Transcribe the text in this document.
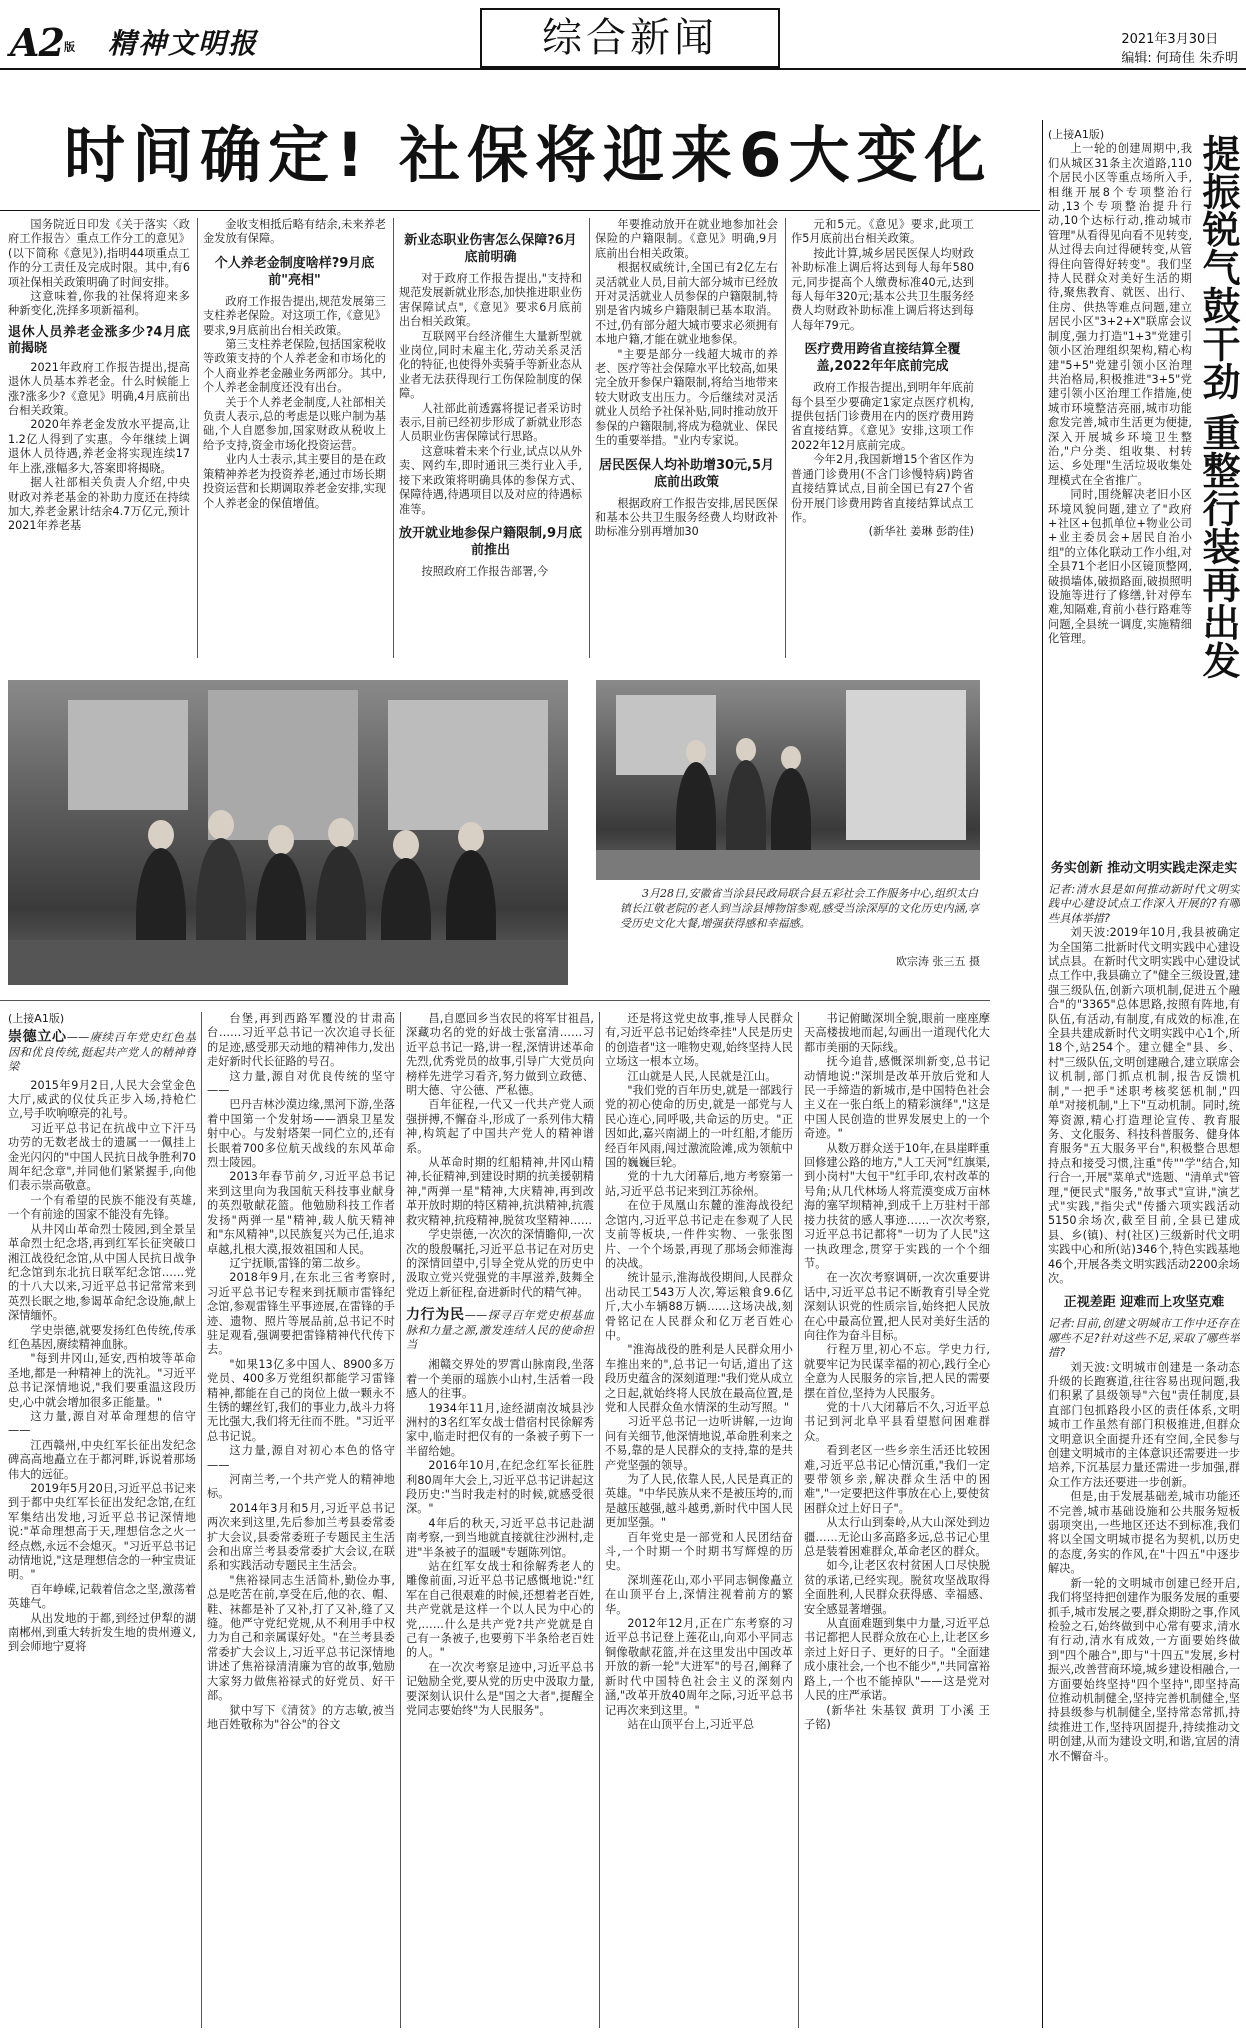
A2版 精神文明报	综合新闻	2021年3月30日
编辑: 何琦佳 朱乔明
时间确定! 社保将迎来6大变化

国务院近日印发《关于落实〈政府工作报告〉重点工作分工的意见》(以下简称《意见》),指明44项重点工作的分工责任及完成时限。其中,有6项社保相关政策明确了时间安排。

这意味着,你我的社保将迎来多种新变化,洗择多项新福利。

退休人员养老金涨多少?4月底前揭晓

2021年政府工作报告提出,提高退休人员基本养老金。什么时候能上涨?涨多少?《意见》明确,4月底前出台相关政策。

2020年养老金发放水平提高,让1.2亿人得到了实惠。今年继续上调退休人员待遇,养老金将实现连续17年上涨,涨幅多大,答案即将揭晓。

据人社部相关负责人介绍,中央财政对养老基金的补助力度还在持续加大,养老金累计结余4.7万亿元,预计2021年养老基

金收支相抵后略有结余,未来养老金发放有保障。

个人养老金制度啥样?9月底前"亮相"

政府工作报告提出,规范发展第三支柱养老保险。对这项工作,《意见》要求,9月底前出台相关政策。

第三支柱养老保险,包括国家税收等政策支持的个人养老金和市场化的个人商业养老金融业务两部分。其中,个人养老金制度还没有出台。

关于个人养老金制度,人社部相关负责人表示,总的考虑是以账户制为基础,个人自愿参加,国家财政从税收上给予支持,资金市场化投资运营。

业内人士表示,其主要目的是在政策精神养老为投资养老,通过市场长期投资运营和长期调取养老金安排,实现个人养老金的保值增值。

新业态职业伤害怎么保障?6月底前明确

对于政府工作报告提出,"支持和规范发展新就业形态,加快推进职业伤害保障试点",《意见》要求6月底前出台相关政策。

互联网平台经济催生大量新型就业岗位,同时未雇主化,劳动关系灵活化的特征,也使得外卖骑手等新业态从业者无法获得现行工伤保险制度的保障。

人社部此前透露将提记者采访时表示,目前已经初步形成了新就业形态人员职业伤害保障试行思路。

这意味着未来个行业,试点以从外卖、网约车,即时通讯三类行业入手,接下来政策将明确具体的参保方式、保障待遇,待遇项目以及对应的待遇标准等。

放开就业地参保户籍限制,9月底前推出

按照政府工作报告部署,今

年要推动放开在就业地参加社会保险的户籍限制。《意见》明确,9月底前出台相关政策。

根据权威统计,全国已有2亿左右灵活就业人员,目前大部分城市已经放开对灵活就业人员参保的户籍限制,特别是省内城乡户籍限制已基本取消。不过,仍有部分超大城市要求必须拥有本地户籍,才能在就业地参保。

"主要是部分一线超大城市的养老、医疗等社会保障水平比较高,如果完全放开参保户籍限制,将给当地带来较大财政支出压力。今后继续对灵活就业人员给予社保补贴,同时推动放开参保的户籍限制,将成为稳就业、保民生的重要举措。"业内专家说。

居民医保人均补助增30元,5月底前出政策

根据政府工作报告安排,居民医保和基本公共卫生服务经费人均财政补助标准分别再增加30

元和5元。《意见》要求,此项工作5月底前出台相关政策。

按此计算,城乡居民医保人均财政补助标准上调后将达到每人每年580元,同步提高个人缴费标准40元,达到每人每年320元;基本公共卫生服务经费人均财政补助标准上调后将达到每人每年79元。

医疗费用跨省直接结算全覆盖,2022年年底前完成

政府工作报告提出,到明年年底前每个县至少要确定1家定点医疗机构,提供包括门诊费用在内的医疗费用跨省直接结算。《意见》安排,这项工作2022年12月底前完成。

今年2月,我国新增15个省区作为普通门诊费用(不含门诊慢特病)跨省直接结算试点,目前全国已有27个省份开展门诊费用跨省直接结算试点工作。

(新华社 姜琳 彭韵佳)

3月28日,安徽省当涂县民政局联合县五彩社会工作服务中心,组织太白镇长江敬老院的老人到当涂县博物馆参观,感受当涂深厚的文化历史内涵,享受历史文化大餐,增强获得感和幸福感。
欧宗涛 张三五 摄

(上接A1版)

崇德立心——赓续百年党史红色基因和优良传统,挺起共产党人的精神脊梁

2015年9月2日,人民大会堂金色大厅,威武的仪仗兵正步入场,持枪伫立,号手吹响嘹亮的礼号。

习近平总书记在抗战中立下汗马功劳的无数老战士的遗属一一佩挂上金光闪闪的"中国人民抗日战争胜利70周年纪念章",并同他们紧紧握手,向他们表示崇高敬意。

一个有希望的民族不能没有英雄,一个有前途的国家不能没有先锋。

从井冈山革命烈士陵园,到全景呈革命烈士纪念塔,再到红军长征突破口湘江战役纪念馆,从中国人民抗日战争纪念馆到东北抗日联军纪念馆……党的十八大以来,习近平总书记常常来到英烈长眠之地,参谒革命纪念设施,献上深情缅怀。

学史崇德,就要发扬红色传统,传承红色基因,赓续精神血脉。

"每到井冈山,延安,西柏坡等革命圣地,都是一种精神上的洗礼。"习近平总书记深情地说,"我们要重温这段历史,心中就会增加很多正能量。"

这力量,源自对革命理想的信守——

江西赣州,中央红军长征出发纪念碑高高地矗立在于都河畔,诉说着那场伟大的远征。

2019年5月20日,习近平总书记来到于都中央红军长征出发纪念馆,在红军集结出发地,习近平总书记深情地说:"革命理想高于天,理想信念之火一经点燃,永远不会熄灭。"习近平总书记动情地说,"这是理想信念的一种宝贵证明。"

百年峥嵘,记载着信念之坚,激荡着英雄气。

从出发地的于都,到经过伊犁的湖南郴州,到重大转折发生地的贵州遵义,到会师地宁夏将

台堡,再到西路军覆没的甘肃高台……习近平总书记一次次追寻长征的足迹,感受那天动地的精神伟力,发出走好新时代长征路的号召。

这力量,源自对优良传统的坚守——

巴丹吉林沙漠边缘,黑河下游,坐落着中国第一个发射场——酒泉卫星发射中心。与发射塔架一同伫立的,还有长眠着700多位航天战线的东风革命烈士陵园。

2013年春节前夕,习近平总书记来到这里向为我国航天科技事业献身的英烈敬献花篮。他勉励科技工作者发扬"两弹一星"精神,载人航天精神和"东风精神",以民族复兴为己任,追求卓越,扎根大漠,报效祖国和人民。

辽宁抚顺,雷锋的第二故乡。

2018年9月,在东北三省考察时,习近平总书记专程来到抚顺市雷锋纪念馆,参观雷锋生平事迹展,在雷锋的手迹、遗物、照片等展品前,总书记不时驻足观看,强调要把雷锋精神代代传下去。

"如果13亿多中国人、8900多万党员、400多万党组织都能学习雷锋精神,都能在自己的岗位上做一颗永不生锈的螺丝钉,我们的事业力,战斗力将无比强大,我们将无往而不胜。"习近平总书记说。

这力量,源自对初心本色的恪守——

河南兰考,一个共产党人的精神地标。

2014年3月和5月,习近平总书记两次来到这里,先后参加兰考县委常委扩大会议,县委常委班子专题民主生活会和出席兰考县委常委扩大会议,在联系和实践活动专题民主生活会。

"焦裕禄同志生活简朴,勤俭办事,总是吃苦在前,享受在后,他的衣、帽、鞋、袜都是补了又补,打了又补,缝了又缝。他严守党纪党规,从不利用手中权力为自己和亲属谋好处。"在兰考县委常委扩大会议上,习近平总书记深情地讲述了焦裕禄清清廉为官的故事,勉励大家努力做焦裕禄式的好党员、好干部。

狱中写下《清贫》的方志敏,被当地百姓敬称为"谷公"的谷文

昌,自愿回乡当农民的将军甘祖昌,深藏功名的党的好战士张富清……习近平总书记一路,讲一程,深情讲述革命先烈,优秀党员的故事,引导广大党员向榜样先进学习看齐,努力做到立政德、明大德、守公德、严私德。

百年征程,一代又一代共产党人顽强拼搏,不懈奋斗,形成了一系列伟大精神,构筑起了中国共产党人的精神谱系。

从革命时期的红船精神,井冈山精神,长征精神,到建设时期的抗美援朝精神,"两弹一星"精神,大庆精神,再到改革开放时期的特区精神,抗洪精神,抗震救灾精神,抗疫精神,脱贫攻坚精神……

学史崇德,一次次的深情瞻仰,一次次的殷殷嘱托,习近平总书记在对历史的深情回望中,引导全党从党的历史中汲取立党兴党强党的丰厚滋养,鼓舞全党迈上新征程,奋进新时代的精气神。

力行为民——探寻百年党史根基血脉和力量之源,激发连结人民的使命担当

湘赣交界处的罗霄山脉南段,坐落着一个美丽的瑶族小山村,生活着一段感人的往事。

1934年11月,途经湖南汝城县沙洲村的3名红军女战士借宿村民徐解秀家中,临走时把仅有的一条被子剪下一半留给她。

2016年10月,在纪念红军长征胜利80周年大会上,习近平总书记讲起这段历史:"当时我走村的时候,就感受很深。"

4年后的秋天,习近平总书记赴湖南考察,一到当地就直接就往沙洲村,走进"半条被子的温暖"专题陈列馆。

站在红军女战士和徐解秀老人的雕像前面,习近平总书记感慨地说:"红军在自己很艰难的时候,还想着老百姓,共产党就是这样一个以人民为中心的党,……什么是共产党?共产党就是自己有一条被子,也要剪下半条给老百姓的人。"

在一次次考察足迹中,习近平总书记勉励全党,要从党的历史中汲取力量,要深刻认识什么是"国之大者",提醒全党同志要始终"为人民服务"。

还是将这党史故事,推导人民群众有,习近平总书记始终牵挂"人民是历史的创造者"这一唯物史观,始终坚持人民立场这一根本立场。

江山就是人民,人民就是江山。

"我们党的百年历史,就是一部践行党的初心使命的历史,就是一部党与人民心连心,同呼吸,共命运的历史。"正因如此,嘉兴南湖上的一叶红船,才能历经百年风雨,闯过激流险滩,成为领航中国的巍巍巨轮。

党的十九大闭幕后,地方考察第一站,习近平总书记来到江苏徐州。

在位于凤凰山东麓的淮海战役纪念馆内,习近平总书记走在参观了人民支前等板块,一件件实物、一张张图片、一个个场景,再现了那场会师淮海的决战。

统计显示,淮海战役期间,人民群众出动民工543万人次,筹运粮食9.6亿斤,大小车辆88万辆……这场决战,刻骨铭记在人民群众和亿万老百姓心中。

"淮海战役的胜利是人民群众用小车推出来的",总书记一句话,道出了这段历史蕴含的深刻道理:"我们党从成立之日起,就始终将人民放在最高位置,是党和人民群众鱼水情深的生动写照。"

习近平总书记一边听讲解,一边询问有关细节,他深情地说,革命胜利来之不易,靠的是人民群众的支持,靠的是共产党坚强的领导。

为了人民,依靠人民,人民是真正的英雄。"中华民族从来不是被压垮的,而是越压越强,越斗越勇,新时代中国人民更加坚强。"

百年党史是一部党和人民团结奋斗,一个时期一个时期书写辉煌的历史。

深圳莲花山,邓小平同志铜像矗立在山顶平台上,深情注视着前方的繁华。

2012年12月,正在广东考察的习近平总书记登上莲花山,向邓小平同志铜像敬献花篮,并在这里发出中国改革开放的新一轮"大进军"的号召,阐释了新时代中国特色社会主义的深刻内涵,"改革开放40周年之际,习近平总书记再次来到这里。"

站在山顶平台上,习近平总

书记俯瞰深圳全貌,眼前一座座摩天高楼拔地而起,勾画出一道现代化大都市美丽的天际线。

抚今追昔,感慨深圳新变,总书记动情地说:"深圳是改革开放后党和人民一手缔造的新城市,是中国特色社会主义在一张白纸上的精彩演绎","这是中国人民创造的世界发展史上的一个奇迹。"

从数万群众送于10年,在县崖畔重回修建公路的地方,"人工天河"红旗渠,到小岗村"大包干"红手印,农村改革的号角;从几代林场人将荒漠变成万亩林海的塞罕坝精神,到成千上万驻村干部接力扶贫的感人事迹……一次次考察,习近平总书记都将"一切为了人民"这一执政理念,贯穿于实践的一个个细节。

在一次次考察调研,一次次重要讲话中,习近平总书记不断教育引导全党深刻认识党的性质宗旨,始终把人民放在心中最高位置,把人民对美好生活的向往作为奋斗目标。

行程万里,初心不忘。学史力行,就要牢记为民谋幸福的初心,践行全心全意为人民服务的宗旨,把人民的需要摆在首位,坚持为人民服务。

党的十八大闭幕后不久,习近平总书记到河北阜平县看望慰问困难群众。

看到老区一些乡亲生活还比较困难,习近平总书记心情沉重,"我们一定要带领乡亲,解决群众生活中的困难","一定要把这件事放在心上,要使贫困群众过上好日子"。

从太行山到秦岭,从大山深处到边疆……无论山多高路多远,总书记心里总是装着困难群众,革命老区的群众。

如今,让老区农村贫困人口尽快脱贫的承诺,已经实现。脱贫攻坚战取得全面胜利,人民群众获得感、幸福感、安全感显著增强。

从直面难题到集中力量,习近平总书记都把人民群众放在心上,让老区乡亲过上好日子、更好的日子。"全面建成小康社会,一个也不能少","共同富裕路上,一个也不能掉队"——这是党对人民的庄严承诺。

(新华社 朱基钗 黄玥 丁小溪 王子铭)

提振锐气鼓干劲 重整行装再出发

(上接A1版)

上一轮的创建周期中,我们从城区31条主次道路,110个居民小区等重点场所入手,相继开展8个专项整治行动,13个专项整治提升行动,10个达标行动,推动城市管理"从看得见向看不见转变,从过得去向过得硬转变,从管得住向管得好转变"。我们坚持人民群众对美好生活的期待,聚焦教育、就医、出行、住房、供热等难点问题,建立居民小区"3+2+X"联席会议制度,强力打造"1+3"党建引领小区治理组织架构,精心构建"5+5"党建引领小区治理共治格局,积极推进"3+5"党建引领小区治理工作措施,使城市环境整洁亮丽,城市功能愈发完善,城市生活更为便捷,深入开展城乡环境卫生整治,"户分类、组收集、村转运、乡处理"生活垃圾收集处理模式在全省推广。

同时,围绕解决老旧小区环境风貌问题,建立了"政府+社区+包抓单位+物业公司+业主委员会+居民自治小组"的立体化联动工作小组,对全县71个老旧小区镜顶整网,破损墙体,破损路面,破损照明设施等进行了修缮,针对停车难,知隔难,育前小巷行路难等问题,全县统一调度,实施精细化管理。

务实创新 推动文明实践走深走实

记者:清水县是如何推动新时代文明实践中心建设试点工作深入开展的?有哪些具体举措?

刘天波:2019年10月,我县被确定为全国第二批新时代文明实践中心建设试点县。在新时代文明实践中心建设试点工作中,我县确立了"健全三级设置,建强三级队伍,创新六项机制,促进五个融合"的"3365"总体思路,按照有阵地,有队伍,有活动,有制度,有成效的标准,在全县共建成新时代文明实践中心1个,所18个,站254个。建立健全"县、乡、村"三级队伍,文明创建融合,建立联席会议机制,部门抓点机制,报告反馈机制,"一把手"述职考核奖惩机制,"四单"对接机制,"上下"互动机制。同时,统筹资源,精心打造理论宣传、教育服务、文化服务、科技科普服务、健身体育服务"五大服务平台",积极整合思想持点和接受习惯,注重"传""学"结合,知行合一,开展"菜单式"选题、"清单式"管理,"便民式"服务,"故事式"宣讲,"演艺式"实践,"指尖式"传播六项实践活动5150余场次,截至目前,全县已建成县、乡(镇)、村(社区)三级新时代文明实践中心和所(站)346个,特色实践基地46个,开展各类文明实践活动2200余场次。

正视差距 迎难而上攻坚克难

记者:目前,创建文明城市工作中还存在哪些不足?针对这些不足,采取了哪些举措?

刘天波:文明城市创建是一条动态升级的长跑赛道,往往容易出现问题,我们积累了县级领导"六包"责任制度,县直部门包抓路段小区的责任体系,文明城市工作虽然有部门积极推进,但群众文明意识全面提升还有空间,全民参与创建文明城市的主体意识还需要进一步培养,下沉基层力量还需进一步加强,群众工作方法还要进一步创新。

但是,由于发展基础差,城市功能还不完善,城市基础设施和公共服务短板弱项突出,一些地区还达不到标准,我们将以全国文明城市提名为契机,以历史的态度,务实的作风,在"十四五"中逐步解决。

新一轮的文明城市创建已经开启,我们将坚持把创建作为服务发展的重要抓手,城市发展之要,群众期盼之事,作风检验之石,始终做到中心常有要求,清水有行动,清水有成效,一方面要始终做到"四个融合",即与"十四五"发展,乡村振兴,改善营商环境,城乡建设相融合,一方面要始终坚持"四个坚持",即坚持高位推动机制健全,坚持完善机制健全,坚持县级参与机制健全,坚持常态常抓,持续推进工作,坚持巩固提升,持续推动文明创建,从而为建设文明,和谐,宜居的清水不懈奋斗。
